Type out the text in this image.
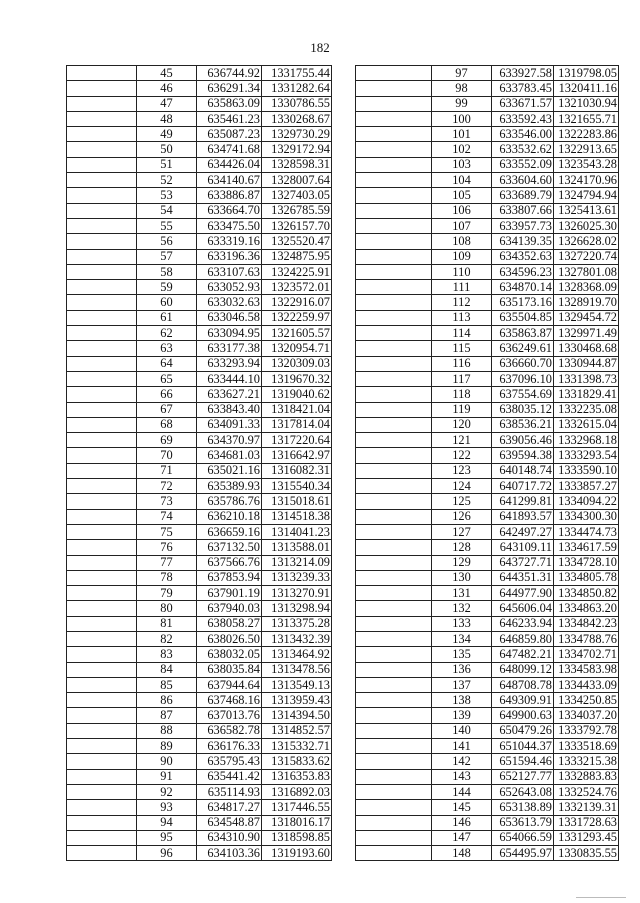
182
	45	636744.92	1331755.44
	46	636291.34	1331282.64
	47	635863.09	1330786.55
	48	635461.23	1330268.67
	49	635087.23	1329730.29
	50	634741.68	1329172.94
	51	634426.04	1328598.31
	52	634140.67	1328007.64
	53	633886.87	1327403.05
	54	633664.70	1326785.59
	55	633475.50	1326157.70
	56	633319.16	1325520.47
	57	633196.36	1324875.95
	58	633107.63	1324225.91
	59	633052.93	1323572.01
	60	633032.63	1322916.07
	61	633046.58	1322259.97
	62	633094.95	1321605.57
	63	633177.38	1320954.71
	64	633293.94	1320309.03
	65	633444.10	1319670.32
	66	633627.21	1319040.62
	67	633843.40	1318421.04
	68	634091.33	1317814.04
	69	634370.97	1317220.64
	70	634681.03	1316642.97
	71	635021.16	1316082.31
	72	635389.93	1315540.34
	73	635786.76	1315018.61
	74	636210.18	1314518.38
	75	636659.16	1314041.23
	76	637132.50	1313588.01
	77	637566.76	1313214.09
	78	637853.94	1313239.33
	79	637901.19	1313270.91
	80	637940.03	1313298.94
	81	638058.27	1313375.28
	82	638026.50	1313432.39
	83	638032.05	1313464.92
	84	638035.84	1313478.56
	85	637944.64	1313549.13
	86	637468.16	1313959.43
	87	637013.76	1314394.50
	88	636582.78	1314852.57
	89	636176.33	1315332.71
	90	635795.43	1315833.62
	91	635441.42	1316353.83
	92	635114.93	1316892.03
	93	634817.27	1317446.55
	94	634548.87	1318016.17
	95	634310.90	1318598.85
	96	634103.36	1319193.60
	97	633927.58	1319798.05
	98	633783.45	1320411.16
	99	633671.57	1321030.94
	100	633592.43	1321655.71
	101	633546.00	1322283.86
	102	633532.62	1322913.65
	103	633552.09	1323543.28
	104	633604.60	1324170.96
	105	633689.79	1324794.94
	106	633807.66	1325413.61
	107	633957.73	1326025.30
	108	634139.35	1326628.02
	109	634352.63	1327220.74
	110	634596.23	1327801.08
	111	634870.14	1328368.09
	112	635173.16	1328919.70
	113	635504.85	1329454.72
	114	635863.87	1329971.49
	115	636249.61	1330468.68
	116	636660.70	1330944.87
	117	637096.10	1331398.73
	118	637554.69	1331829.41
	119	638035.12	1332235.08
	120	638536.21	1332615.04
	121	639056.46	1332968.18
	122	639594.38	1333293.54
	123	640148.74	1333590.10
	124	640717.72	1333857.27
	125	641299.81	1334094.22
	126	641893.57	1334300.30
	127	642497.27	1334474.73
	128	643109.11	1334617.59
	129	643727.71	1334728.10
	130	644351.31	1334805.78
	131	644977.90	1334850.82
	132	645606.04	1334863.20
	133	646233.94	1334842.23
	134	646859.80	1334788.76
	135	647482.21	1334702.71
	136	648099.12	1334583.98
	137	648708.78	1334433.09
	138	649309.91	1334250.85
	139	649900.63	1334037.20
	140	650479.26	1333792.78
	141	651044.37	1333518.69
	142	651594.46	1333215.38
	143	652127.77	1332883.83
	144	652643.08	1332524.76
	145	653138.89	1332139.31
	146	653613.79	1331728.63
	147	654066.59	1331293.45
	148	654495.97	1330835.55
